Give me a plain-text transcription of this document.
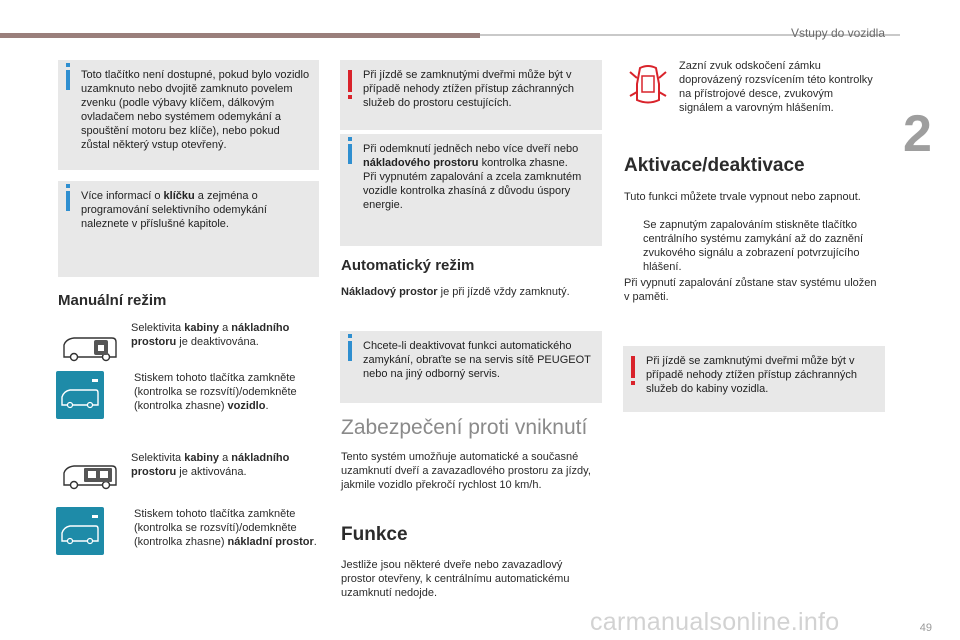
Vstupy do vozidla
2
Toto tlačítko není dostupné, pokud bylo vozidlo uzamknuto nebo dvojitě zamknuto povelem zvenku (podle výbavy klíčem, dálkovým ovladačem nebo systémem odemykání a spouštění motoru bez klíče), nebo pokud zůstal některý vstup otevřený.
Více informací o klíčku a zejména o programování selektivního odemykání naleznete v příslušné kapitole.
Manuální režim
Selektivita kabiny a nákladního prostoru je deaktivována.
Stiskem tohoto tlačítka zamkněte (kontrolka se rozsvítí)/odemkněte (kontrolka zhasne) vozidlo.
Selektivita kabiny a nákladního prostoru je aktivována.
Stiskem tohoto tlačítka zamkněte (kontrolka se rozsvítí)/odemkněte (kontrolka zhasne) nákladní prostor.
Při jízdě se zamknutými dveřmi může být v případě nehody ztížen přístup záchranných služeb do prostoru cestujících.
Při odemknutí jedněch nebo více dveří nebo nákladového prostoru kontrolka zhasne.
Při vypnutém zapalování a zcela zamknutém vozidle kontrolka zhasíná z důvodu úspory energie.
Automatický režim
Nákladový prostor je při jízdě vždy zamknutý.
Chcete-li deaktivovat funkci automatického zamykání, obraťte se na servis sítě PEUGEOT nebo na jiný odborný servis.
Zabezpečení proti vniknutí
Tento systém umožňuje automatické a současné uzamknutí dveří a zavazadlového prostoru za jízdy, jakmile vozidlo překročí rychlost 10 km/h.
Funkce
Jestliže jsou některé dveře nebo zavazadlový prostor otevřeny, k centrálnímu automatickému uzamknutí nedojde.
Zazní zvuk odskočení zámku doprovázený rozsvícením této kontrolky na přístrojové desce, zvukovým signálem a varovným hlášením.
Aktivace/deaktivace
Tuto funkci můžete trvale vypnout nebo zapnout.
Se zapnutým zapalováním stiskněte tlačítko centrálního systému zamykání až do zaznění zvukového signálu a zobrazení potvrzujícího hlášení.
Při vypnutí zapalování zůstane stav systému uložen v paměti.
Při jízdě se zamknutými dveřmi může být v případě nehody ztížen přístup záchranných služeb do kabiny vozidla.
carmanualsonline.info	49
